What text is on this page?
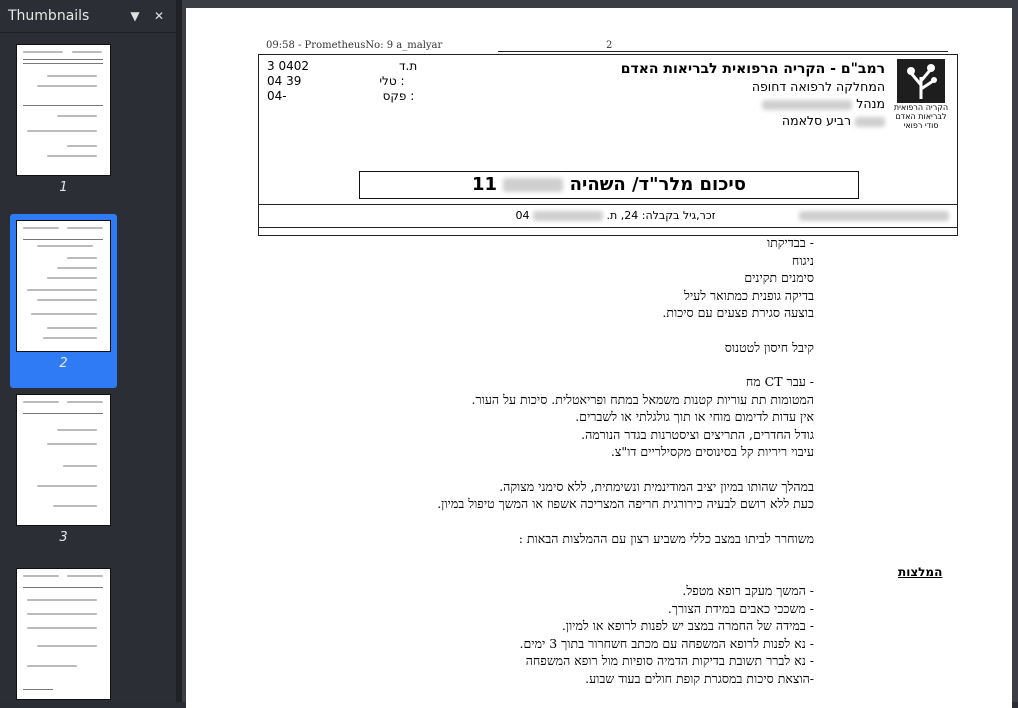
Thumbnails	▼	✕
1
2
3
09:58 - PrometheusNo: 9 a_malyar	2
הקריה הרפואית
לבריאות האדם
סודי רפואי
רמב"ם - הקריה הרפואית לבריאות האדם
המחלקה לרפואה דחופה
מנהל
רביע סלאמה
3 0402	ת.ד
04 39	טלי :
04-	פקס :
סיכום מלר"ד/ השהיה  11
זכר,גיל בקבלה: 24, ת.  04

- בבדיקתו

ניגוח

סימנים תקינים

בדיקה גופנית כמתואר לעיל

בוצעה סגירת פצעים עם סיכות.

קיבל חיסון לטטנוס

- עבר CT מח

המטומות תת עוריות קטנות משמאל במתח ופריאטלית. סיכות על העור.

אין עדות לדימום מוחי או תוך גולגלתי או לשברים.

גודל החדרים, התריצים וציסטרנות בגדר הנורמה.

עיבוי ריריות קל בסינוסים מקסילריים דו"צ.

במהלך שהותו במיון יציב המודינמית ונשימתית, ללא סימני מצוקה.

כעת ללא רושם לבעיה כירורגית חריפה המצריכה אשפוז או המשך טיפול במיון.

משוחרר לביתו במצב כללי משביע רצון עם ההמלצות הבאות :

המלצות

- המשך מעקב רופא מטפל.

- משככי כאבים במידת הצורך.

- במידה של החמרה במצב יש לפנות לרופא או למיון.

- נא לפנות לרופא המשפחה עם מכתב חשחרור בתוך 3 ימים.

- נא לברר תשובת בדיקות הדמיה סופיות מול רופא המשפחה

-הוצאת סיכות במסגרת קופת חולים בעוד שבוע.
